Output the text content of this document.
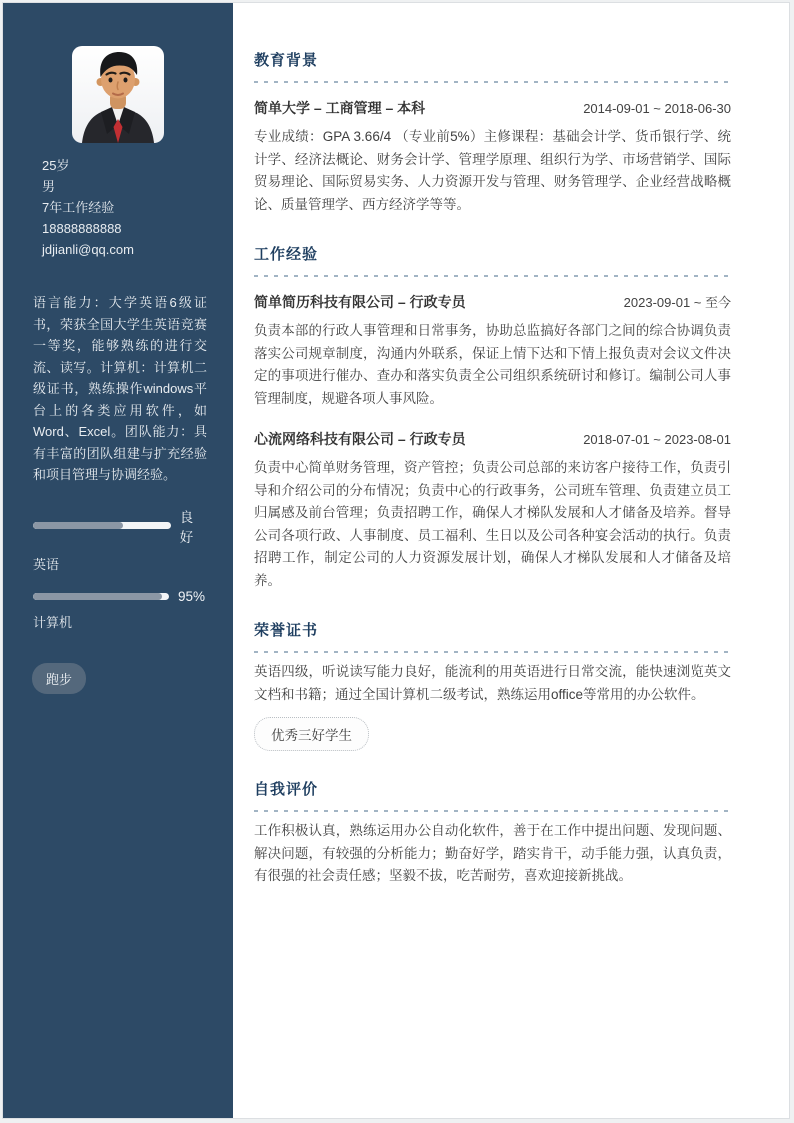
25岁
男
7年工作经验
18888888888
jdjianli@qq.com

语言能力：大学英语6级证书，荣获全国大学生英语竞赛一等奖，能够熟练的进行交流、读写。计算机：计算机二级证书，熟练操作windows平台上的各类应用软件，如Word、Excel。团队能力：具有丰富的团队组建与扩充经验和项目管理与协调经验。

良好
英语
95%
计算机
跑步
教育背景
简单大学 – 工商管理 – 本科	2014-09-01 ~ 2018-06-30

专业成绩：GPA 3.66/4 （专业前5%）主修课程：基础会计学、货币银行学、统计学、经济法概论、财务会计学、管理学原理、组织行为学、市场营销学、国际贸易理论、国际贸易实务、人力资源开发与管理、财务管理学、企业经营战略概论、质量管理学、西方经济学等等。

工作经验
简单简历科技有限公司 – 行政专员	2023-09-01 ~ 至今

负责本部的行政人事管理和日常事务，协助总监搞好各部门之间的综合协调负责落实公司规章制度，沟通内外联系，保证上情下达和下情上报负责对会议文件决定的事项进行催办、查办和落实负责全公司组织系统研讨和修订。编制公司人事管理制度，规避各项人事风险。

心流网络科技有限公司 – 行政专员	2018-07-01 ~ 2023-08-01

负责中心简单财务管理，资产管控；负责公司总部的来访客户接待工作，负责引导和介绍公司的分布情况；负责中心的行政事务，公司班车管理、负责建立员工归属感及前台管理；负责招聘工作，确保人才梯队发展和人才储备及培养。督导公司各项行政、人事制度、员工福利、生日以及公司各种宴会活动的执行。负责招聘工作，制定公司的人力资源发展计划，确保人才梯队发展和人才储备及培养。

荣誉证书

英语四级，听说读写能力良好，能流利的用英语进行日常交流，能快速浏览英文文档和书籍；通过全国计算机二级考试，熟练运用office等常用的办公软件。

优秀三好学生
自我评价

工作积极认真，熟练运用办公自动化软件，善于在工作中提出问题、发现问题、解决问题，有较强的分析能力；勤奋好学，踏实肯干，动手能力强，认真负责，有很强的社会责任感；坚毅不拔，吃苦耐劳，喜欢迎接新挑战。
